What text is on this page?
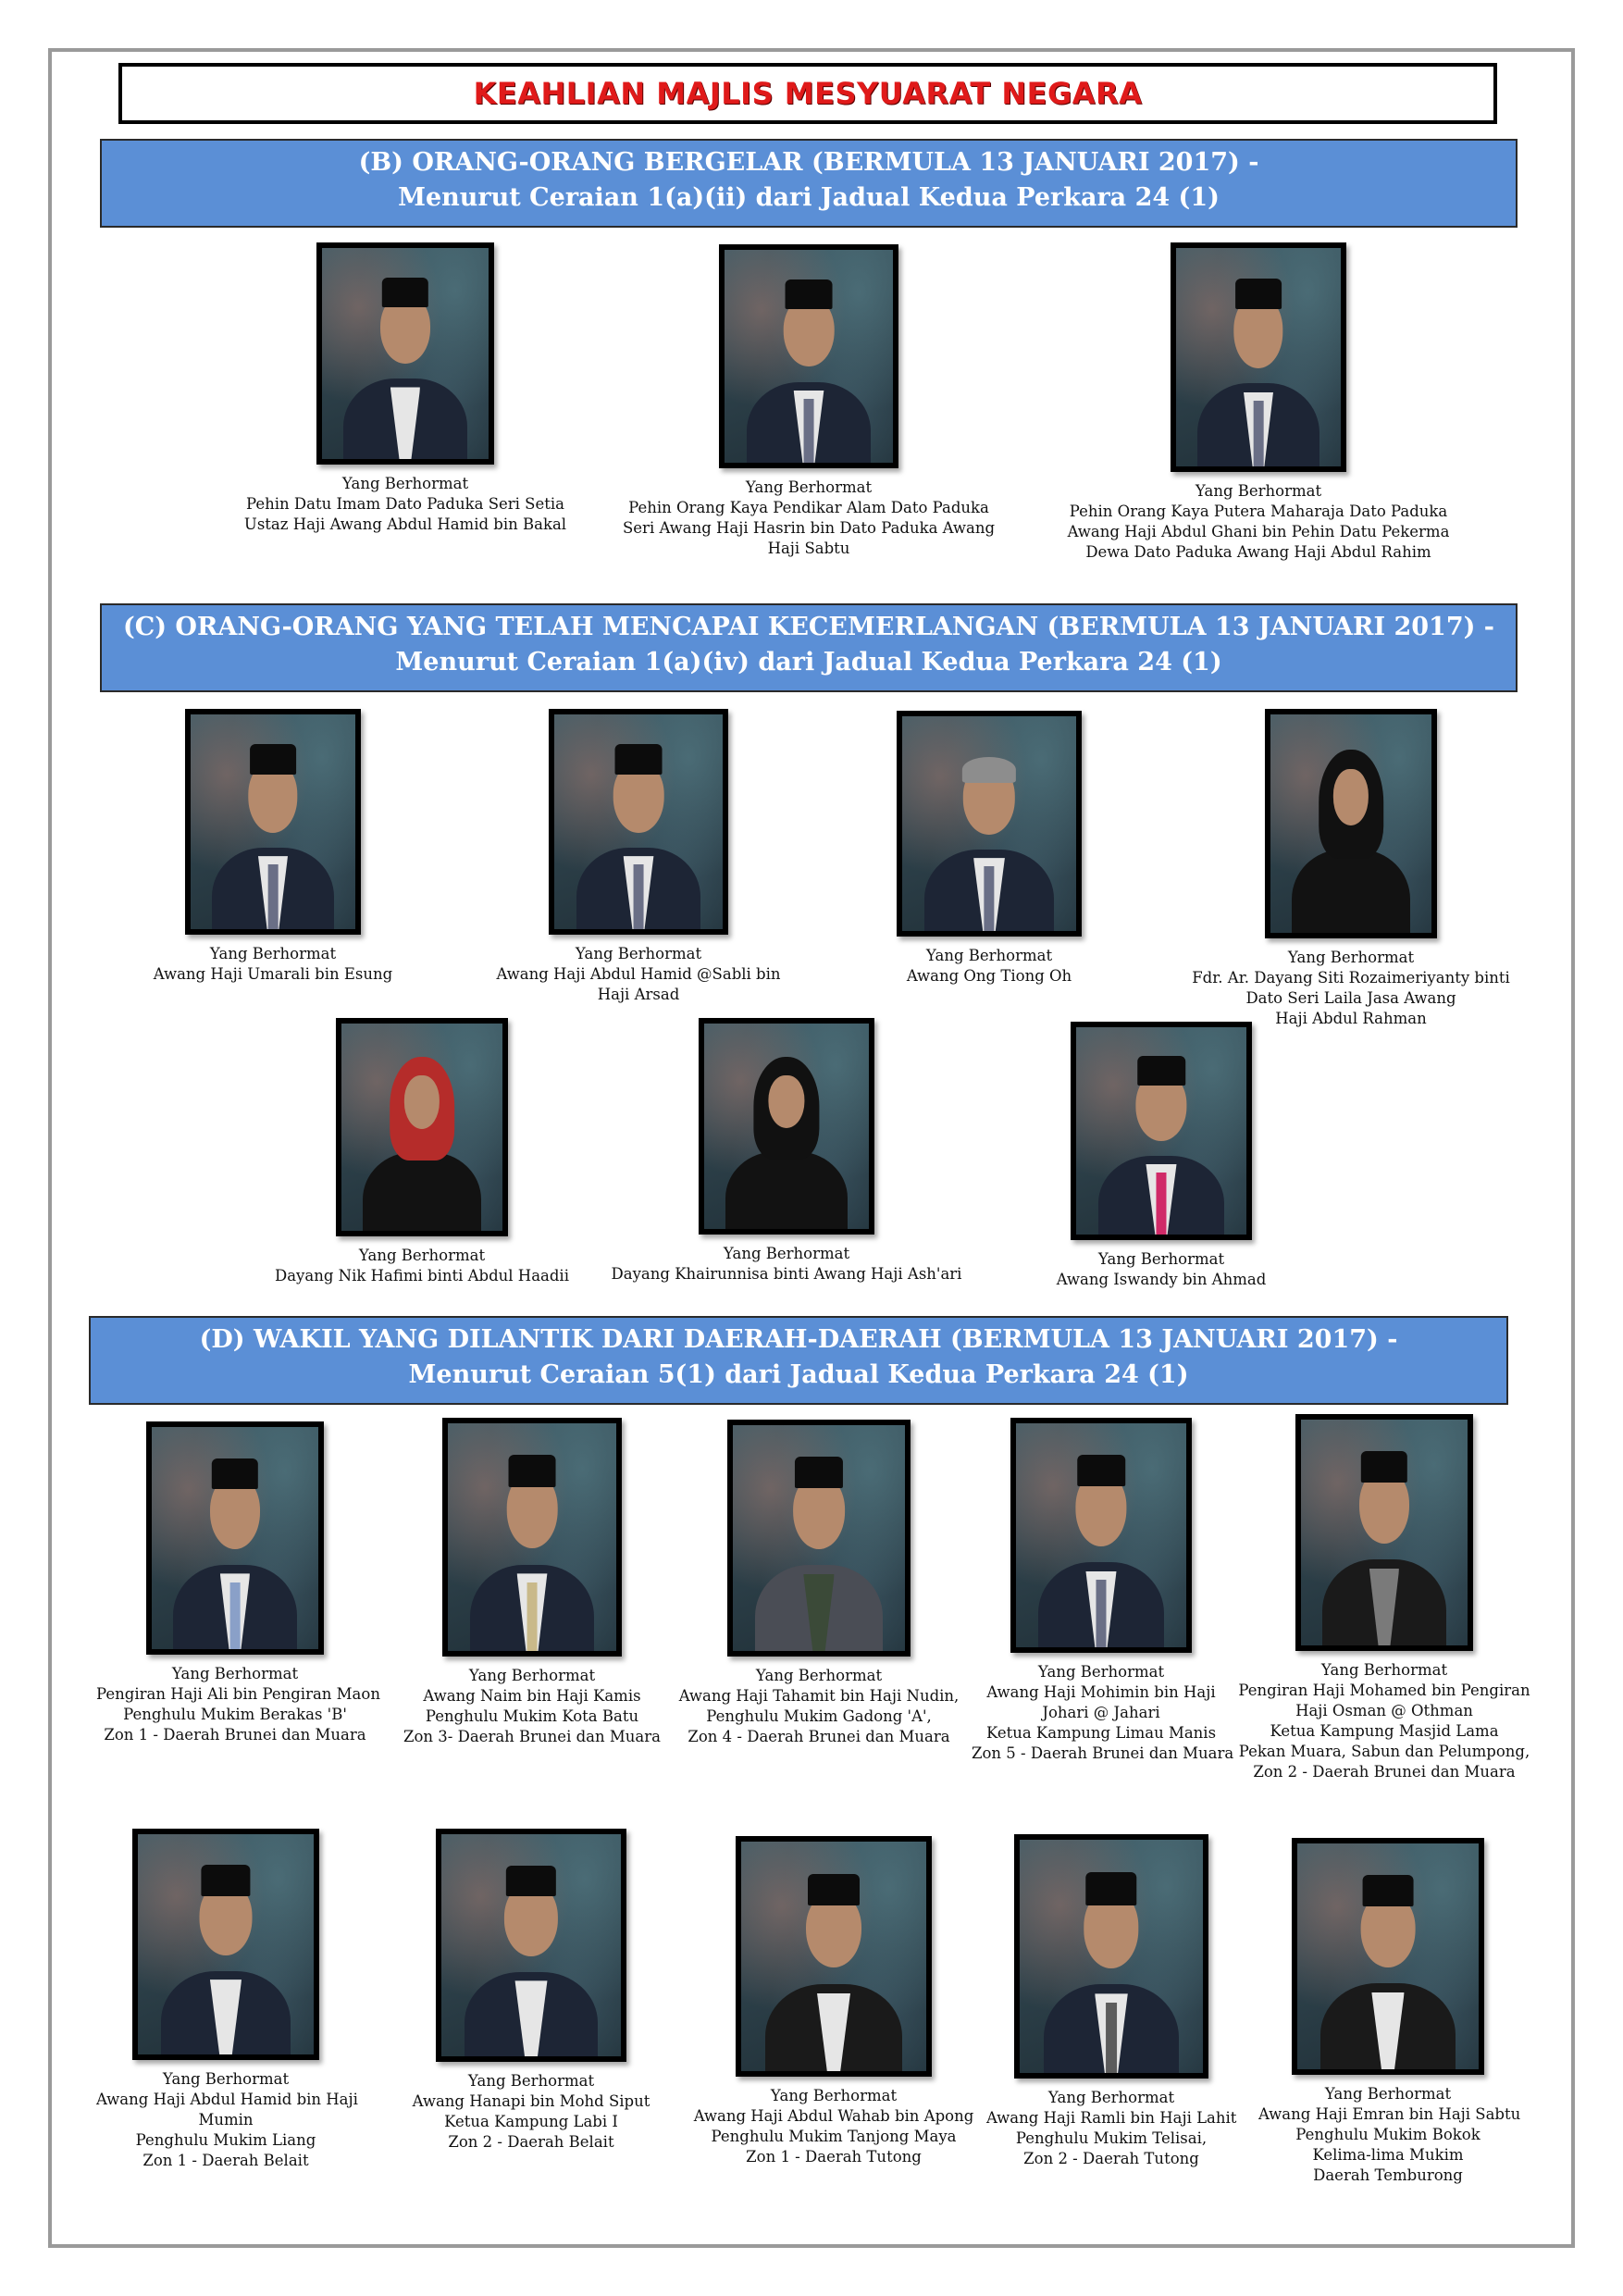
KEAHLIAN MAJLIS MESYUARAT NEGARA
(B) ORANG-ORANG BERGELAR (BERMULA 13 JANUARI 2017) -
Menurut Ceraian 1(a)(ii) dari Jadual Kedua Perkara 24 (1)
Yang Berhormat
Pehin Datu Imam Dato Paduka Seri Setia
Ustaz Haji Awang Abdul Hamid bin Bakal
Yang Berhormat
Pehin Orang Kaya Pendikar Alam Dato Paduka
Seri Awang Haji Hasrin bin Dato Paduka Awang
Haji Sabtu
Yang Berhormat
Pehin Orang Kaya Putera Maharaja Dato Paduka
Awang Haji Abdul Ghani bin Pehin Datu Pekerma
Dewa Dato Paduka Awang Haji Abdul Rahim
(C) ORANG-ORANG YANG TELAH MENCAPAI KECEMERLANGAN (BERMULA 13 JANUARI 2017) -
Menurut Ceraian 1(a)(iv) dari Jadual Kedua Perkara 24 (1)
Yang Berhormat
Awang Haji Umarali bin Esung
Yang Berhormat
Awang Haji Abdul Hamid @Sabli bin
Haji Arsad
Yang Berhormat
Awang Ong Tiong Oh
Yang Berhormat
Fdr. Ar. Dayang Siti Rozaimeriyanty binti
Dato Seri Laila Jasa Awang
Haji Abdul Rahman
Yang Berhormat
Dayang Nik Hafimi binti Abdul Haadii
Yang Berhormat
Dayang Khairunnisa binti Awang Haji Ash'ari
Yang Berhormat
Awang Iswandy bin Ahmad
(D) WAKIL YANG DILANTIK DARI DAERAH-DAERAH (BERMULA 13 JANUARI 2017) -
Menurut Ceraian 5(1) dari Jadual Kedua Perkara 24 (1)
Yang Berhormat
Pengiran Haji Ali bin Pengiran Maon
Penghulu Mukim Berakas 'B'
Zon 1 - Daerah Brunei dan Muara
Yang Berhormat
Awang Naim bin Haji Kamis
Penghulu Mukim Kota Batu
Zon 3- Daerah Brunei dan Muara
Yang Berhormat
Awang Haji Tahamit bin Haji Nudin,
Penghulu Mukim Gadong 'A',
Zon 4 - Daerah Brunei dan Muara
Yang Berhormat
Awang Haji Mohimin bin Haji
Johari @ Jahari
Ketua Kampung Limau Manis
Zon 5 - Daerah Brunei dan Muara
Yang Berhormat
Pengiran Haji Mohamed bin Pengiran
Haji Osman @ Othman
Ketua Kampung Masjid Lama
Pekan Muara, Sabun dan Pelumpong,
Zon 2 - Daerah Brunei dan Muara
Yang Berhormat
Awang Haji Abdul Hamid bin Haji
Mumin
Penghulu Mukim Liang
Zon 1 - Daerah Belait
Yang Berhormat
Awang Hanapi bin Mohd Siput
Ketua Kampung Labi I
Zon 2 - Daerah Belait
Yang Berhormat
Awang Haji Abdul Wahab bin Apong
Penghulu Mukim Tanjong Maya
Zon 1 - Daerah Tutong
Yang Berhormat
Awang Haji Ramli bin Haji Lahit
Penghulu Mukim Telisai,
Zon 2 - Daerah Tutong
Yang Berhormat
Awang Haji Emran bin Haji Sabtu
Penghulu Mukim Bokok
Kelima-lima Mukim
Daerah Temburong
